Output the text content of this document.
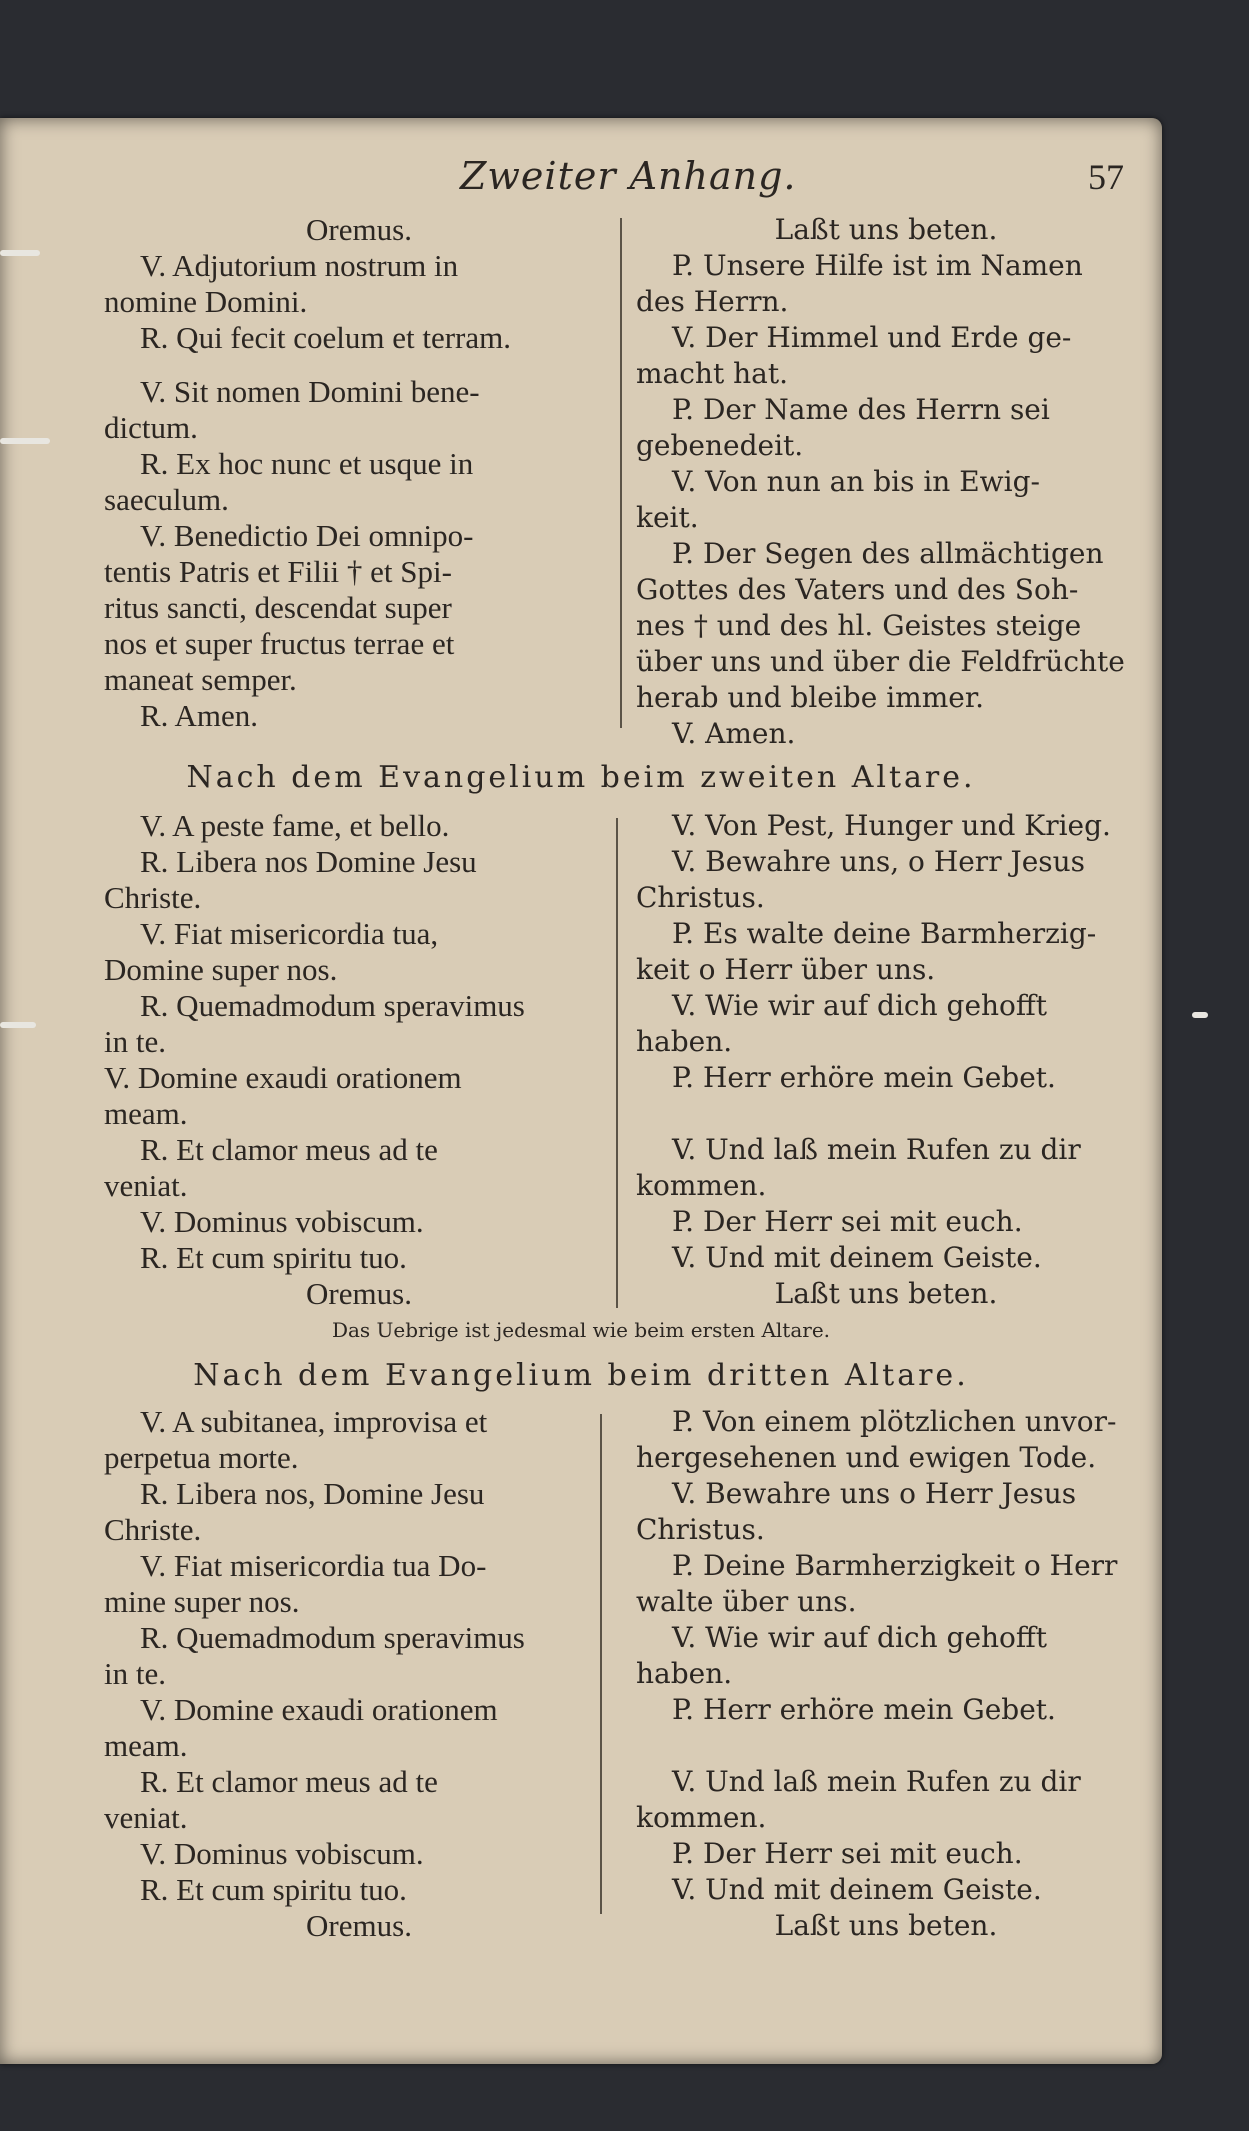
Zweiter Anhang.	57
Oremus.
V. Adjutorium nostrum in
nomine Domini.
R. Qui fecit coelum et terram.
V. Sit nomen Domini bene-
dictum.
R. Ex hoc nunc et usque in
saeculum.
V. Benedictio Dei omnipo-
tentis Patris et Filii † et Spi-
ritus sancti, descendat super
nos et super fructus terrae et
maneat semper.
R. Amen.
Laßt uns beten.
P. Unsere Hilfe ist im Namen
des Herrn.
V. Der Himmel und Erde ge-
macht hat.
P. Der Name des Herrn sei
gebenedeit.
V. Von nun an bis in Ewig-
keit.
P. Der Segen des allmächtigen
Gottes des Vaters und des Soh-
nes † und des hl. Geistes steige
über uns und über die Feldfrüchte
herab und bleibe immer.
V. Amen.
Nach dem Evangelium beim zweiten Altare.
V. A peste fame, et bello.
R. Libera nos Domine Jesu
Christe.
V. Fiat misericordia tua,
Domine super nos.
R. Quemadmodum speravimus
in te.
V. Domine exaudi orationem
meam.
R. Et clamor meus ad te
veniat.
V. Dominus vobiscum.
R. Et cum spiritu tuo.
Oremus.
V. Von Pest, Hunger und Krieg.
V. Bewahre uns, o Herr Jesus
Christus.
P. Es walte deine Barmherzig-
keit o Herr über uns.
V. Wie wir auf dich gehofft
haben.
P. Herr erhöre mein Gebet.
V. Und laß mein Rufen zu dir
kommen.
P. Der Herr sei mit euch.
V. Und mit deinem Geiste.
Laßt uns beten.
Das Uebrige ist jedesmal wie beim ersten Altare.
Nach dem Evangelium beim dritten Altare.
V. A subitanea, improvisa et
perpetua morte.
R. Libera nos, Domine Jesu
Christe.
V. Fiat misericordia tua Do-
mine super nos.
R. Quemadmodum speravimus
in te.
V. Domine exaudi orationem
meam.
R. Et clamor meus ad te
veniat.
V. Dominus vobiscum.
R. Et cum spiritu tuo.
Oremus.
P. Von einem plötzlichen unvor-
hergesehenen und ewigen Tode.
V. Bewahre uns o Herr Jesus
Christus.
P. Deine Barmherzigkeit o Herr
walte über uns.
V. Wie wir auf dich gehofft
haben.
P. Herr erhöre mein Gebet.
V. Und laß mein Rufen zu dir
kommen.
P. Der Herr sei mit euch.
V. Und mit deinem Geiste.
Laßt uns beten.
